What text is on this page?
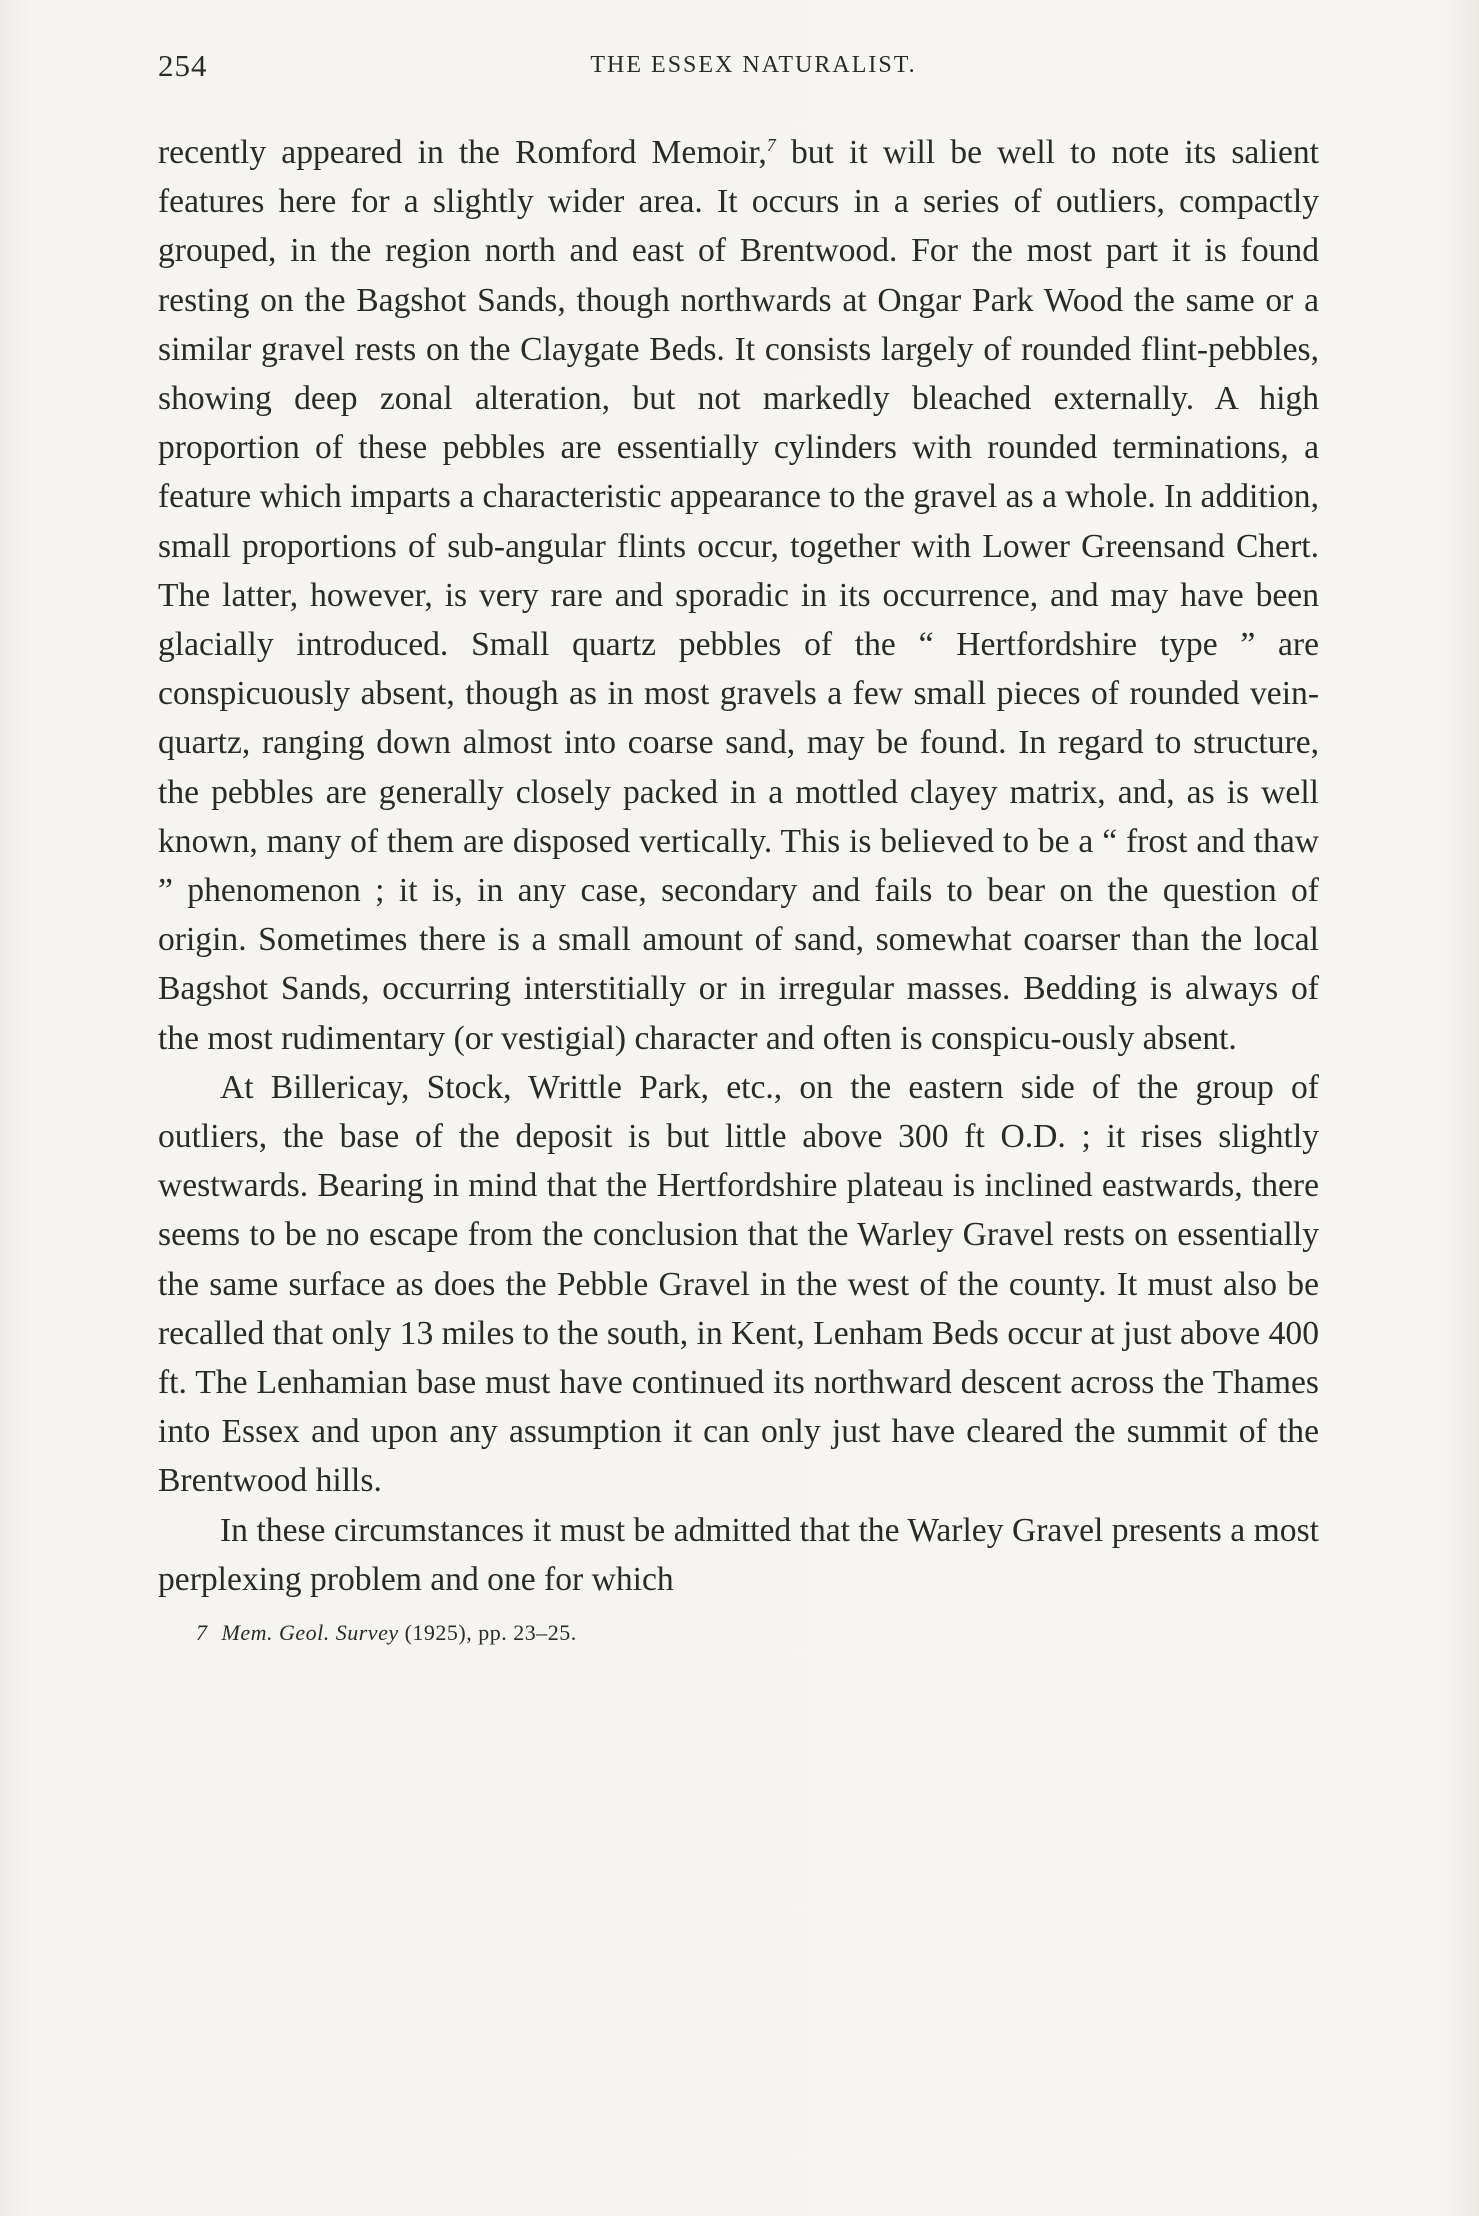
254	THE ESSEX NATURALIST.

recently appeared in the Romford Memoir,$^7$ but it will be well to note its salient features here for a slightly wider area. It occurs in a series of outliers, compactly grouped, in the region north and east of Brentwood. For the most part it is found resting on the Bagshot Sands, though northwards at Ongar Park Wood the same or a similar gravel rests on the Claygate Beds. It consists largely of rounded flint-pebbles, showing deep zonal alteration, but not markedly bleached externally. A high proportion of these pebbles are essentially cylinders with rounded terminations, a feature which imparts a characteristic appearance to the gravel as a whole. In addition, small proportions of sub-angular flints occur, together with Lower Greensand Chert. The latter, however, is very rare and sporadic in its occurrence, and may have been glacially introduced. Small quartz pebbles of the “ Hertfordshire type ” are conspicuously absent, though as in most gravels a few small pieces of rounded vein-quartz, ranging down almost into coarse sand, may be found. In regard to structure, the pebbles are generally closely packed in a mottled clayey matrix, and, as is well known, many of them are disposed vertically. This is believed to be a “ frost and thaw ” phenomenon ; it is, in any case, secondary and fails to bear on the question of origin. Sometimes there is a small amount of sand, somewhat coarser than the local Bagshot Sands, occurring interstitially or in irregular masses. Bedding is always of the most rudimentary (or vestigial) character and often is conspicu-ously absent.

At Billericay, Stock, Writtle Park, etc., on the eastern side of the group of outliers, the base of the deposit is but little above 300 ft O.D. ; it rises slightly westwards. Bearing in mind that the Hertfordshire plateau is inclined eastwards, there seems to be no escape from the conclusion that the Warley Gravel rests on essentially the same surface as does the Pebble Gravel in the west of the county. It must also be recalled that only 13 miles to the south, in Kent, Lenham Beds occur at just above 400 ft. The Lenhamian base must have continued its northward descent across the Thames into Essex and upon any assumption it can only just have cleared the summit of the Brentwood hills.

In these circumstances it must be admitted that the Warley Gravel presents a most perplexing problem and one for which

7 Mem. Geol. Survey (1925), pp. 23–25.
